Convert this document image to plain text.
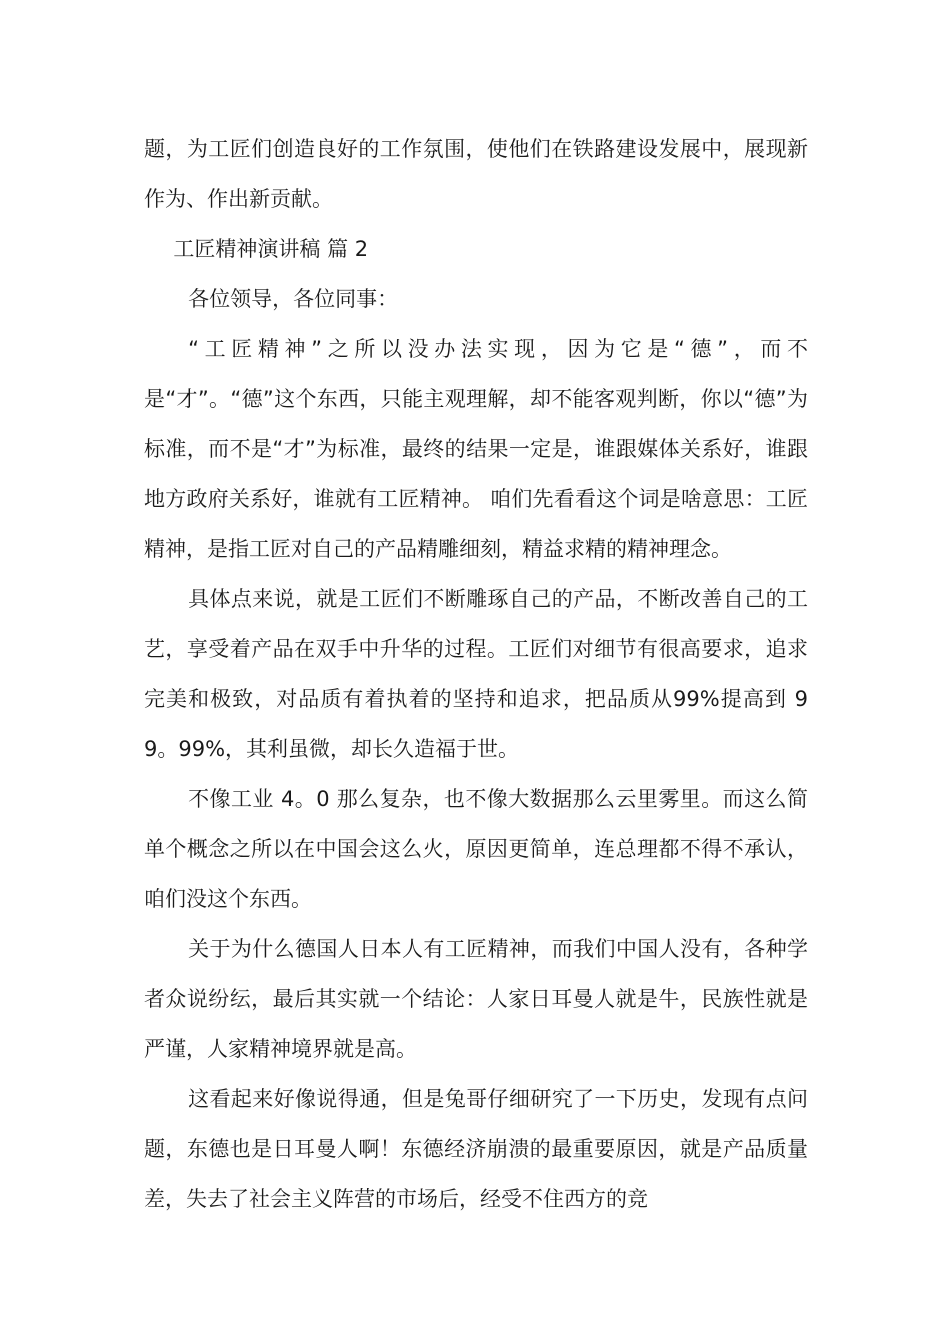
题，为工匠们创造良好的工作氛围，使他们在铁路建设发展中，展现新作为、作出新贡献。

工匠精神演讲稿 篇 2

各位领导，各位同事：

“工匠精神”之所以没办法实现，因为它是“德”，而不是“才”。“德”这个东西，只能主观理解，却不能客观判断，你以“德”为标准，而不是“才”为标准，最终的结果一定是，谁跟媒体关系好，谁跟地方政府关系好，谁就有工匠精神。 咱们先看看这个词是啥意思：工匠精神，是指工匠对自己的产品精雕细刻，精益求精的精神理念。

具体点来说，就是工匠们不断雕琢自己的产品，不断改善自己的工艺，享受着产品在双手中升华的过程。工匠们对细节有很高要求，追求完美和极致，对品质有着执着的坚持和追求，把品质从99%提高到 99。99%，其利虽微，却长久造福于世。

不像工业 4。0 那么复杂，也不像大数据那么云里雾里。而这么简单个概念之所以在中国会这么火，原因更简单，连总理都不得不承认，咱们没这个东西。

关于为什么德国人日本人有工匠精神，而我们中国人没有，各种学者众说纷纭，最后其实就一个结论：人家日耳曼人就是牛，民族性就是严谨，人家精神境界就是高。

这看起来好像说得通，但是兔哥仔细研究了一下历史，发现有点问题，东德也是日耳曼人啊！东德经济崩溃的最重要原因，就是产品质量差，失去了社会主义阵营的市场后，经受不住西方的竞
